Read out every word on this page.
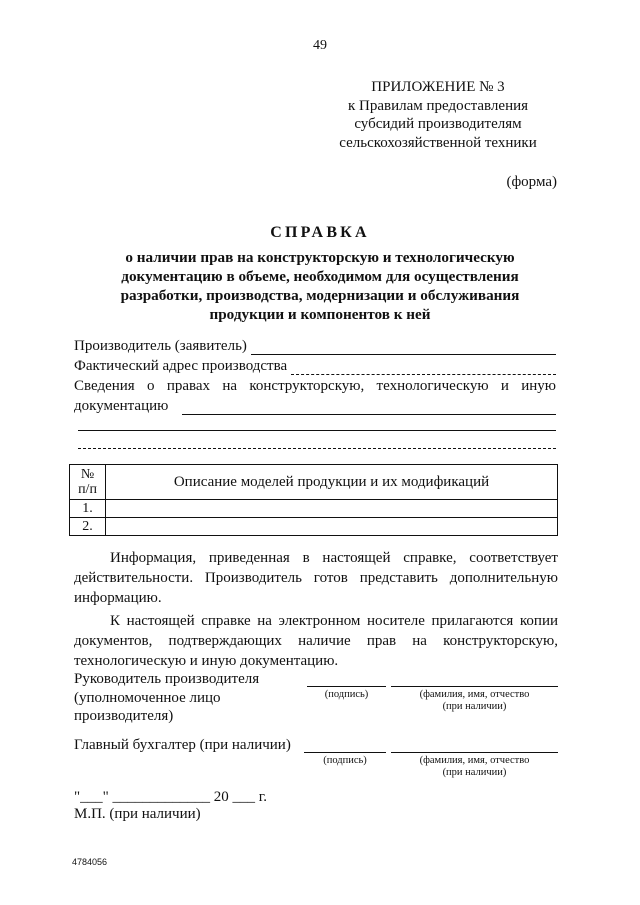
49
ПРИЛОЖЕНИЕ № 3
к Правилам предоставления
субсидий производителям
сельскохозяйственной техники
(форма)
СПРАВКА
о наличии прав на конструкторскую и технологическую
документацию в объеме, необходимом для осуществления
разработки, производства, модернизации и обслуживания
продукции и компонентов к ней
Производитель (заявитель)
Фактический адрес производства
Сведения о правах на конструкторскую, технологическую и иную
документацию
№
п/п	Описание моделей продукции и их модификаций
1.	
2.	
Информация, приведенная в настоящей справке, соответствует
действительности. Производитель готов представить дополнительную
информацию.
К настоящей справке на электронном носителе прилагаются копии
документов, подтверждающих наличие прав на конструкторскую,
технологическую и иную документацию.
Руководитель производителя
(уполномоченное лицо
производителя)
(подпись)	(фамилия, имя, отчество
(при наличии)
Главный бухгалтер (при наличии)
(подпись)	(фамилия, имя, отчество
(при наличии)
"___" _____________ 20 ___ г.
М.П. (при наличии)
4784056
